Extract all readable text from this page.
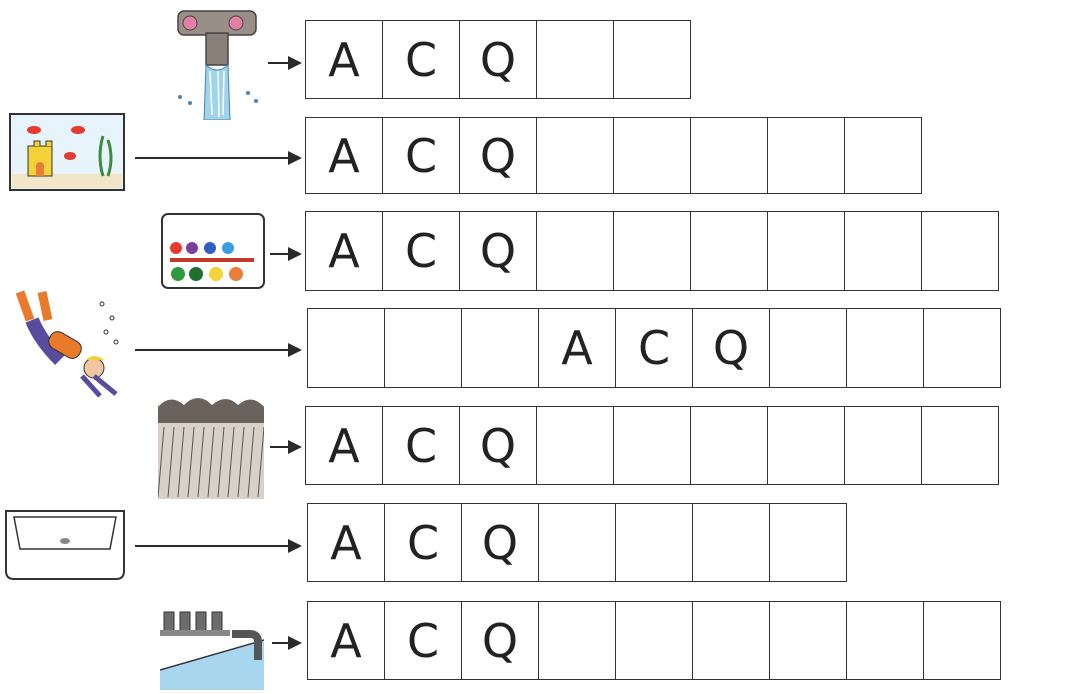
A C Q
A C Q
A C Q
A C Q
A C Q
A C Q
A C Q
